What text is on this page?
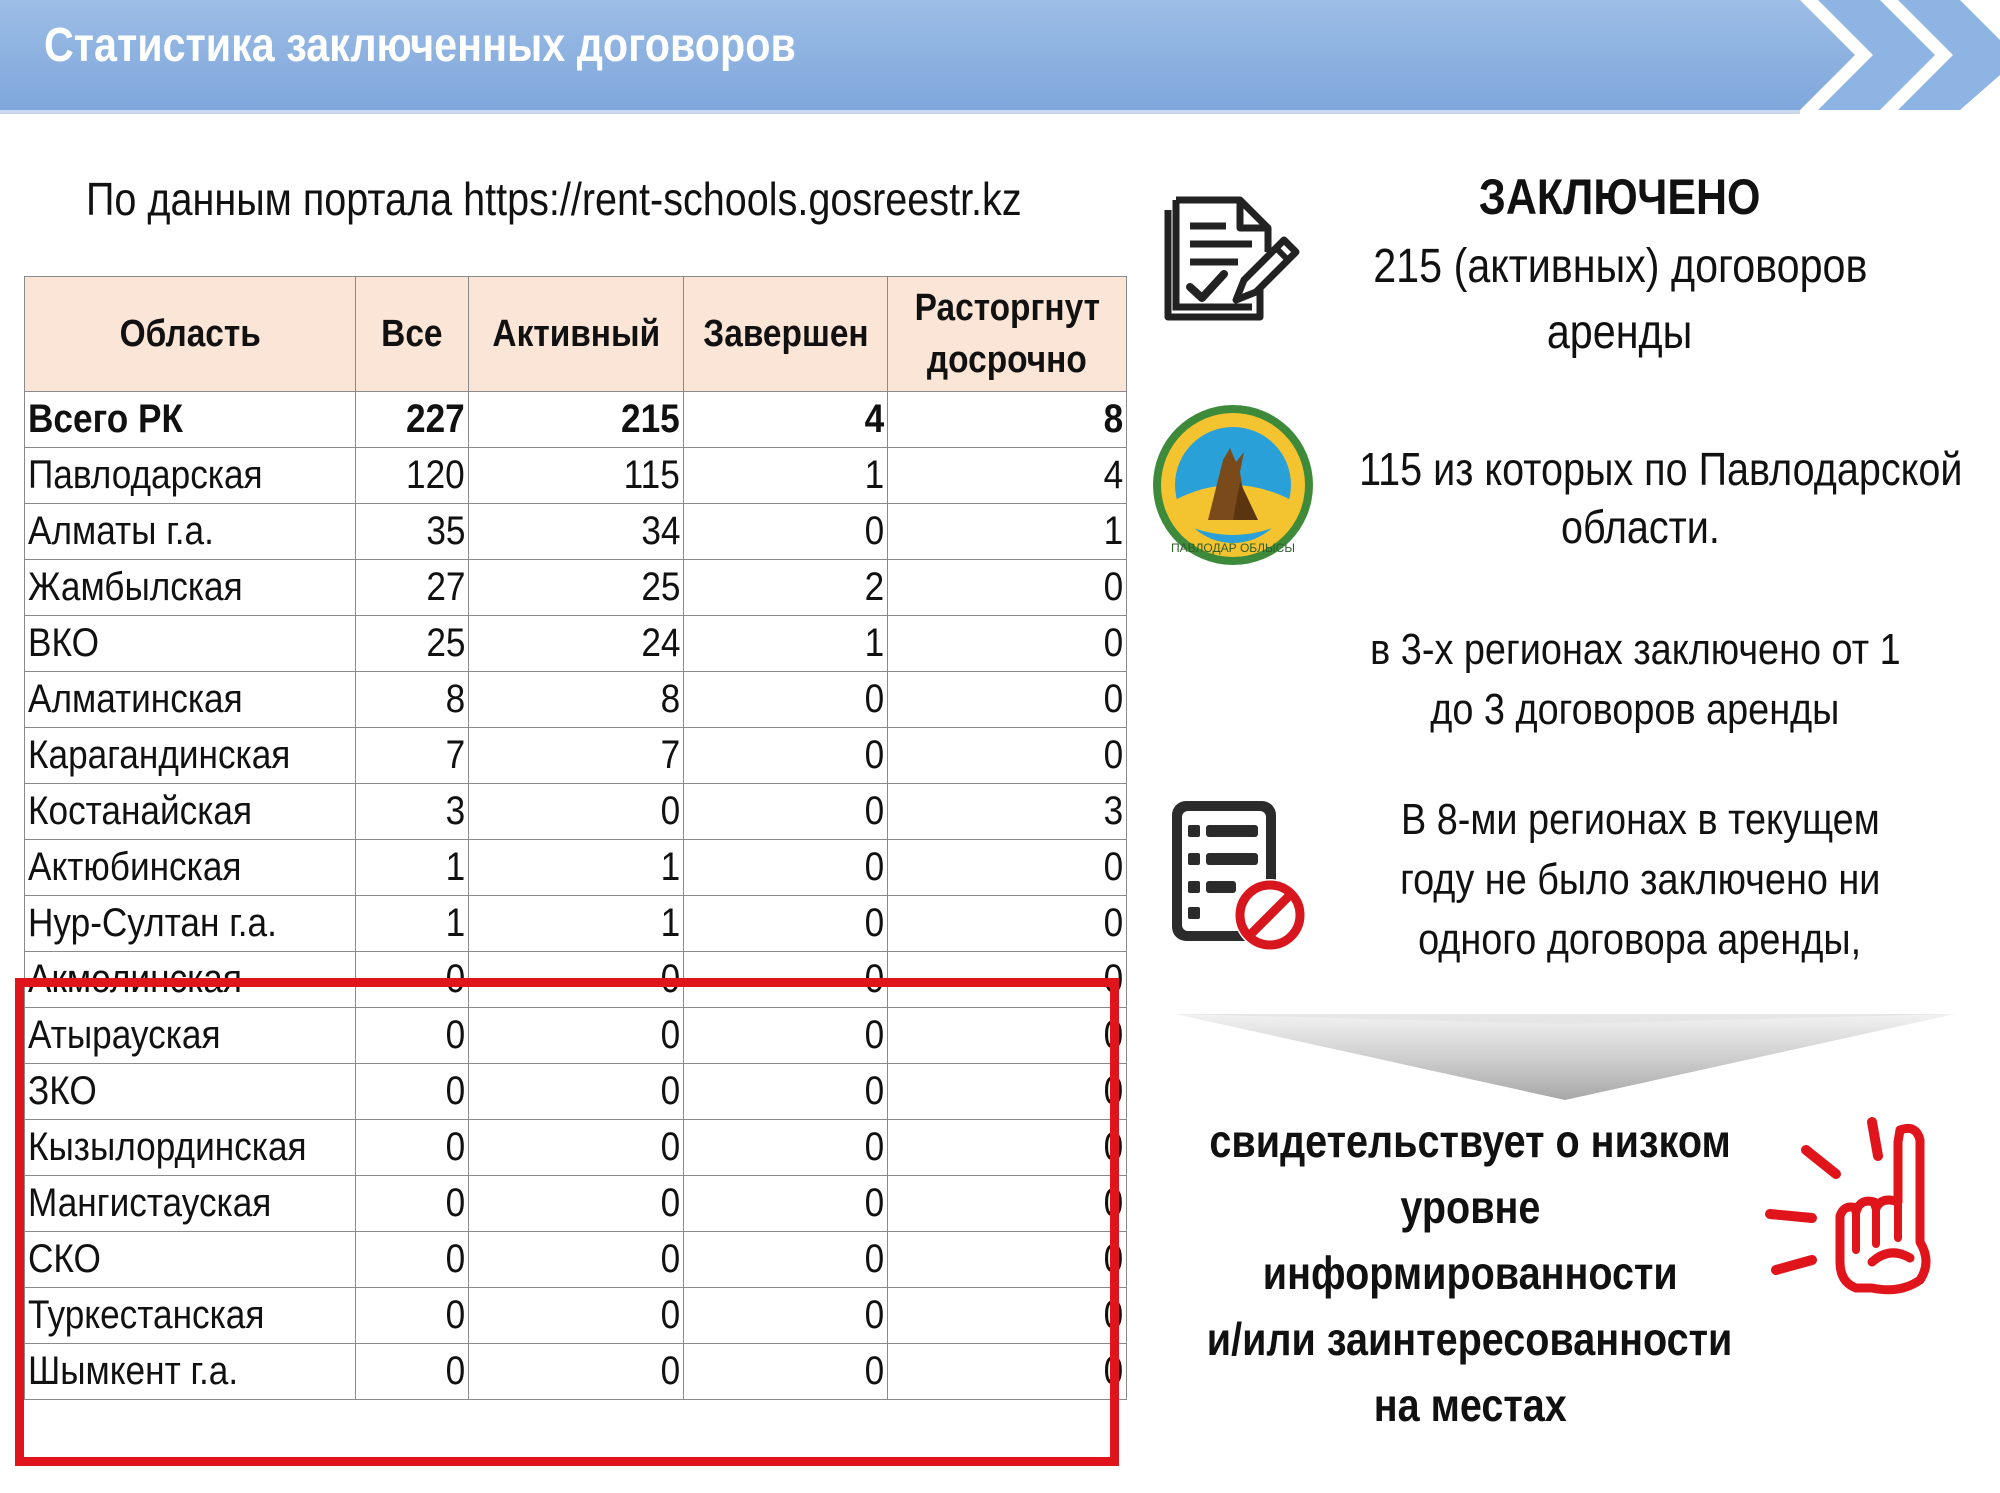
Статистика заключенных договоров
По данным портала https://rent-schools.gosreestr.kz
Область	Все	Активный	Завершен	Расторгнут
досрочно
Всего РК	227	215	4	8
Павлодарская	120	115	1	4
Алматы г.а.	35	34	0	1
Жамбылская	27	25	2	0
ВКО	25	24	1	0
Алматинская	8	8	0	0
Карагандинская	7	7	0	0
Костанайская	3	0	0	3
Актюбинская	1	1	0	0
Нур-Султан г.а.	1	1	0	0
Акмолинская	0	0	0	0
Атырауская	0	0	0	0
ЗКО	0	0	0	0
Кызылординская	0	0	0	0
Мангистауская	0	0	0	0
СКО	0	0	0	0
Туркестанская	0	0	0	0
Шымкент г.а.	0	0	0	0
ЗАКЛЮЧЕНО
215 (активных) договоров
аренды
ПАВЛОДАР ОБЛЫСЫ
115 из которых по Павлодарской
области.
в 3-х регионах заключено от 1
до 3 договоров аренды
В 8-ми регионах в текущем
году не было заключено ни
одного договора аренды,
свидетельствует о низком
уровне
информированности
и/или заинтересованности
на местах
